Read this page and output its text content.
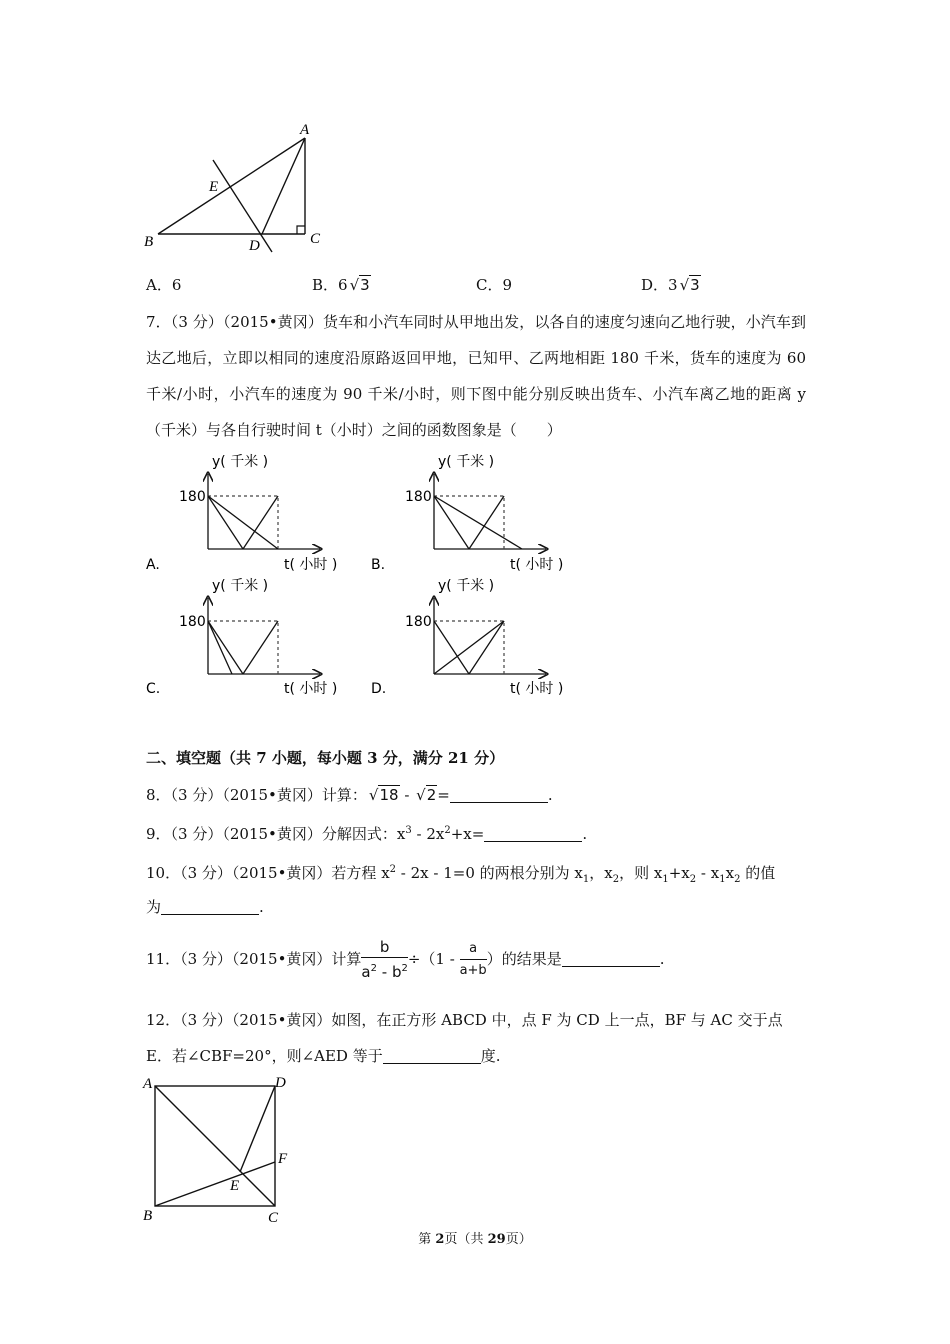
A
B	C
D
E
A．6	B．6 √3	C．9	D．3 √3
7．（3 分）（2015•黄冈）货车和小汽车同时从甲地出发，以各自的速度匀速向乙地行驶，小汽车到达乙地后，立即以相同的速度沿原路返回甲地，已知甲、乙两地相距 180 千米，货车的速度为 60 千米/小时，小汽车的速度为 90 千米/小时，则下图中能分别反映出货车、小汽车离乙地的距离 y（千米）与各自行驶时间 t（小时）之间的函数图象是（　　）
y( 千米 )
180
t( 小时 )
A.
y( 千米 )
180
t( 小时 )
B.
y( 千米 )
180
t( 小时 )
C.
y( 千米 )
180
t( 小时 )
D.
二、填空题（共 7 小题，每小题 3 分，满分 21 分）
8．（3 分）（2015•黄冈）计算： √18 - √2=	.
9．（3 分）（2015•黄冈）分解因式：$x^3 - 2x^2+x=$	.
10．（3 分）（2015•黄冈）若方程 $x^2 - 2x - 1=0$ 的两根分别为 $x_1$，$x_2$，则 $x_1+x_2 - x_1x_2$ 的值
为	.
11．（3 分）（2015•黄冈）计算 $\frac{b}{a^2 - b^2} \div(1 - \frac{a}{a+b}$ ）的结果是	.
12．（3 分）（2015•黄冈）如图，在正方形 ABCD 中，点 F 为 CD 上一点，BF 与 AC 交于点
E．若∠CBF=20°，则∠AED 等于	度.
A	D
F
E
B	C
第 2页（共 29页）
